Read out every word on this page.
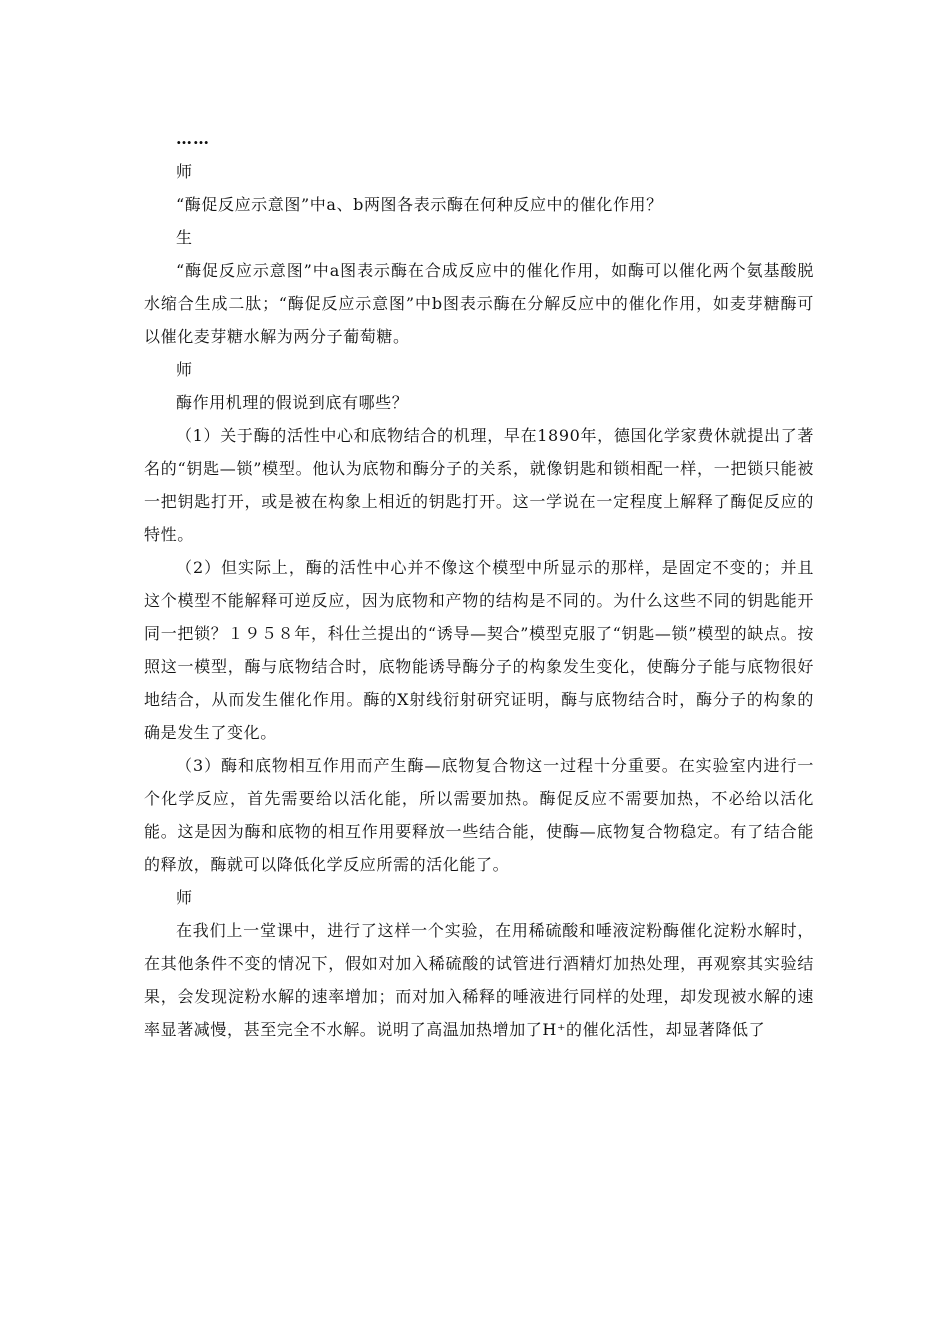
……

师

“酶促反应示意图”中a、b两图各表示酶在何种反应中的催化作用？

生

“酶促反应示意图”中a图表示酶在合成反应中的催化作用，如酶可以催化两个氨基酸脱水缩合生成二肽；“酶促反应示意图”中b图表示酶在分解反应中的催化作用，如麦芽糖酶可以催化麦芽糖水解为两分子葡萄糖。

师

酶作用机理的假说到底有哪些？

（1）关于酶的活性中心和底物结合的机理，早在1890年，德国化学家费休就提出了著名的“钥匙—锁”模型。他认为底物和酶分子的关系，就像钥匙和锁相配一样，一把锁只能被一把钥匙打开，或是被在构象上相近的钥匙打开。这一学说在一定程度上解释了酶促反应的特性。

（2）但实际上，酶的活性中心并不像这个模型中所显示的那样，是固定不变的；并且这个模型不能解释可逆反应，因为底物和产物的结构是不同的。为什么这些不同的钥匙能开同一把锁？１９５８年，科仕兰提出的“诱导—契合”模型克服了“钥匙—锁”模型的缺点。按照这一模型，酶与底物结合时，底物能诱导酶分子的构象发生变化，使酶分子能与底物很好地结合，从而发生催化作用。酶的X射线衍射研究证明，酶与底物结合时，酶分子的构象的确是发生了变化。

（3）酶和底物相互作用而产生酶—底物复合物这一过程十分重要。在实验室内进行一个化学反应，首先需要给以活化能，所以需要加热。酶促反应不需要加热，不必给以活化能。这是因为酶和底物的相互作用要释放一些结合能，使酶—底物复合物稳定。有了结合能的释放，酶就可以降低化学反应所需的活化能了。

师

在我们上一堂课中，进行了这样一个实验，在用稀硫酸和唾液淀粉酶催化淀粉水解时，在其他条件不变的情况下，假如对加入稀硫酸的试管进行酒精灯加热处理，再观察其实验结果，会发现淀粉水解的速率增加；而对加入稀释的唾液进行同样的处理，却发现被水解的速率显著减慢，甚至完全不水解。说明了高温加热增加了H⁺的催化活性，却显著降低了
